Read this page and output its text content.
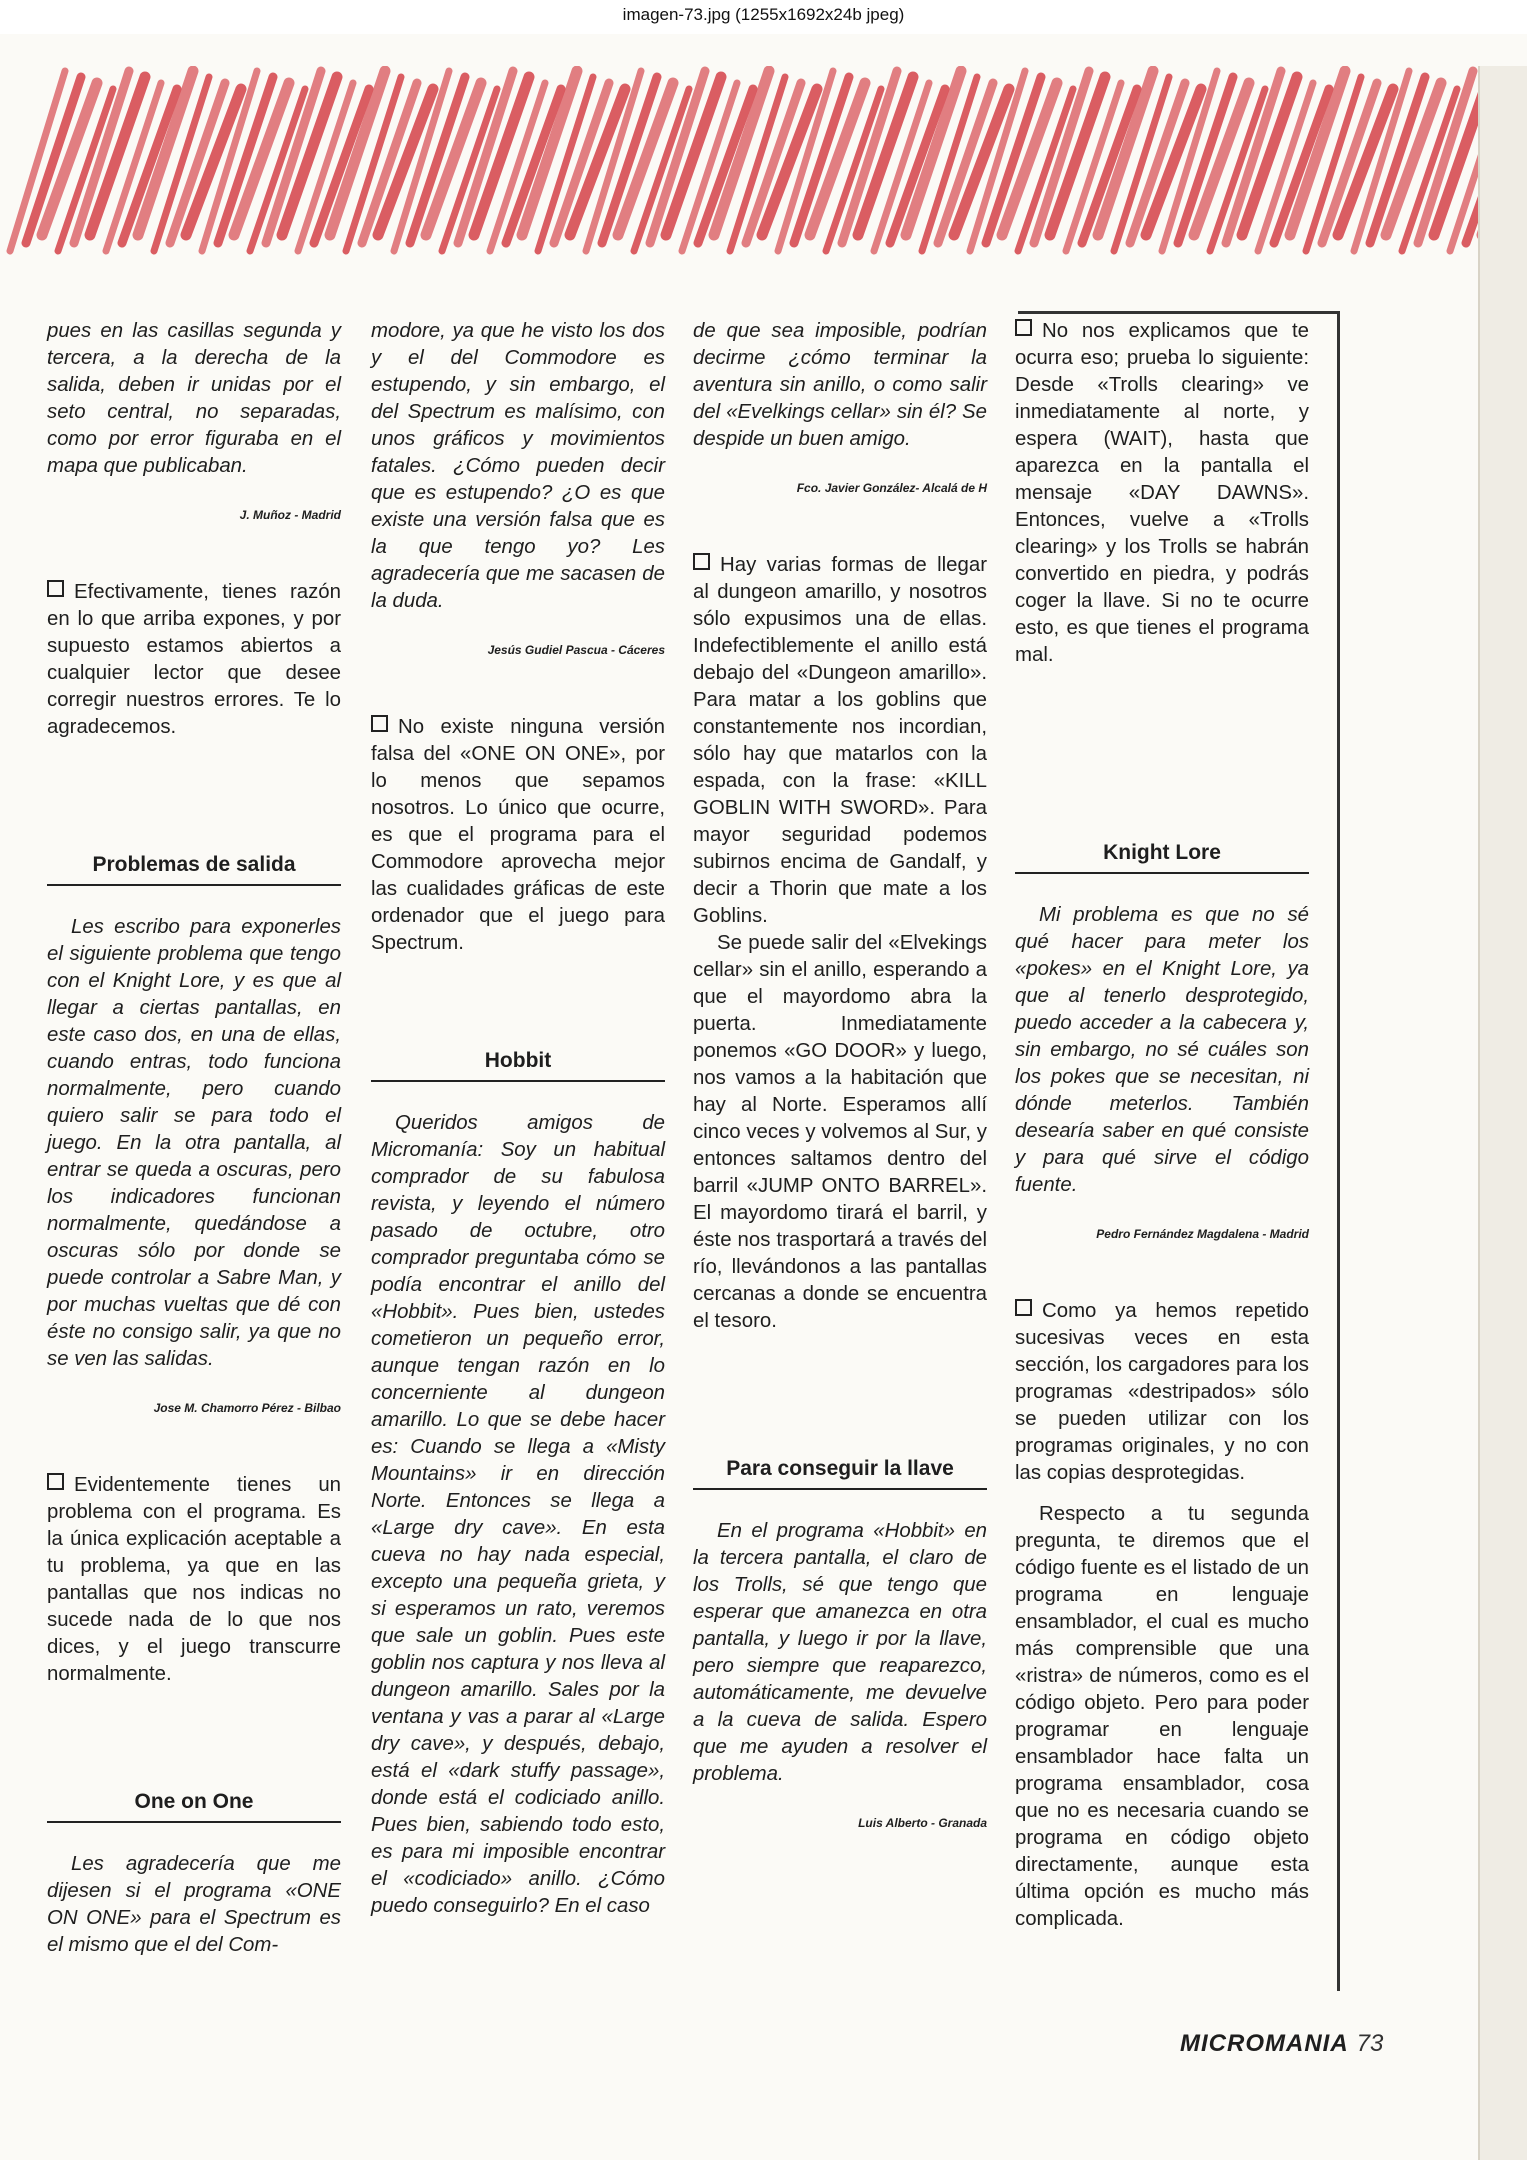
imagen-73.jpg (1255x1692x24b jpeg)

pues en las casillas segunda y tercera, a la derecha de la salida, deben ir unidas por el seto central, no separadas, como por error figuraba en el mapa que publicaban.

J. Muñoz - Madrid

Efectivamente, tienes razón en lo que arriba expones, y por supuesto estamos abiertos a cualquier lector que desee corregir nuestros errores. Te lo agradecemos.

Problemas de salida

Les escribo para exponerles el siguiente problema que tengo con el Knight Lore, y es que al llegar a ciertas pantallas, en este caso dos, en una de ellas, cuando entras, todo funciona normalmente, pero cuando quiero salir se para todo el juego. En la otra pantalla, al entrar se queda a oscuras, pero los indicadores funcionan normalmente, quedándose a oscuras sólo por donde se puede controlar a Sabre Man, y por muchas vueltas que dé con éste no consigo salir, ya que no se ven las salidas.

Jose M. Chamorro Pérez - Bilbao

Evidentemente tienes un problema con el programa. Es la única explicación aceptable a tu problema, ya que en las pantallas que nos indicas no sucede nada de lo que nos dices, y el juego transcurre normalmente.

One on One

Les agradecería que me dijesen si el programa «ONE ON ONE» para el Spectrum es el mismo que el del Com-

modore, ya que he visto los dos y el del Commodore es estupendo, y sin embargo, el del Spectrum es malísimo, con unos gráficos y movimientos fatales. ¿Cómo pueden decir que es estupendo? ¿O es que existe una versión falsa que es la que tengo yo? Les agradecería que me sacasen de la duda.

Jesús Gudiel Pascua - Cáceres

No existe ninguna versión falsa del «ONE ON ONE», por lo menos que sepamos nosotros. Lo único que ocurre, es que el programa para el Commodore aprovecha mejor las cualidades gráficas de este ordenador que el juego para Spectrum.

Hobbit

Queridos amigos de Micromanía: Soy un habitual comprador de su fabulosa revista, y leyendo el número pasado de octubre, otro comprador preguntaba cómo se podía encontrar el anillo del «Hobbit». Pues bien, ustedes cometieron un pequeño error, aunque tengan razón en lo concerniente al dungeon amarillo. Lo que se debe hacer es: Cuando se llega a «Misty Mountains» ir en dirección Norte. Entonces se llega a «Large dry cave». En esta cueva no hay nada especial, excepto una pequeña grieta, y si esperamos un rato, veremos que sale un goblin. Pues este goblin nos captura y nos lleva al dungeon amarillo. Sales por la ventana y vas a parar al «Large dry cave», y después, debajo, está el «dark stuffy passage», donde está el codiciado anillo. Pues bien, sabiendo todo esto, es para mi imposible encontrar el «codiciado» anillo. ¿Cómo puedo conseguirlo? En el caso

de que sea imposible, podrían decirme ¿cómo terminar la aventura sin anillo, o como salir del «Evelkings cellar» sin él? Se despide un buen amigo.

Fco. Javier González- Alcalá de H

Hay varias formas de llegar al dungeon amarillo, y nosotros sólo expusimos una de ellas. Indefectiblemente el anillo está debajo del «Dungeon amarillo». Para matar a los goblins que constantemente nos incordian, sólo hay que matarlos con la espada, con la frase: «KILL GOBLIN WITH SWORD». Para mayor seguridad podemos subirnos encima de Gandalf, y decir a Thorin que mate a los Goblins.

Se puede salir del «Elvekings cellar» sin el anillo, esperando a que el mayordomo abra la puerta. Inmediatamente ponemos «GO DOOR» y luego, nos vamos a la habitación que hay al Norte. Esperamos allí cinco veces y volvemos al Sur, y entonces saltamos dentro del barril «JUMP ONTO BARREL». El mayordomo tirará el barril, y éste nos trasportará a través del río, llevándonos a las pantallas cercanas a donde se encuentra el tesoro.

Para conseguir la llave

En el programa «Hobbit» en la tercera pantalla, el claro de los Trolls, sé que tengo que esperar que amanezca en otra pantalla, y luego ir por la llave, pero siempre que reaparezco, automáticamente, me devuelve a la cueva de salida. Espero que me ayuden a resolver el problema.

Luis Alberto - Granada

No nos explicamos que te ocurra eso; prueba lo siguiente: Desde «Trolls clearing» ve inmediatamente al norte, y espera (WAIT), hasta que aparezca en la pantalla el mensaje «DAY DAWNS». Entonces, vuelve a «Trolls clearing» y los Trolls se habrán convertido en piedra, y podrás coger la llave. Si no te ocurre esto, es que tienes el programa mal.

Knight Lore

Mi problema es que no sé qué hacer para meter los «pokes» en el Knight Lore, ya que al tenerlo desprotegido, puedo acceder a la cabecera y, sin embargo, no sé cuáles son los pokes que se necesitan, ni dónde meterlos. También desearía saber en qué consiste y para qué sirve el código fuente.

Pedro Fernández Magdalena - Madrid

Como ya hemos repetido sucesivas veces en esta sección, los cargadores para los programas «destripados» sólo se pueden utilizar con los programas originales, y no con las copias desprotegidas.

Respecto a tu segunda pregunta, te diremos que el código fuente es el listado de un programa en lenguaje ensamblador, el cual es mucho más comprensible que una «ristra» de números, como es el código objeto. Pero para poder programar en lenguaje ensamblador hace falta un programa ensamblador, cosa que no es necesaria cuando se programa en código objeto directamente, aunque esta última opción es mucho más complicada.

MICROMANIA 73
